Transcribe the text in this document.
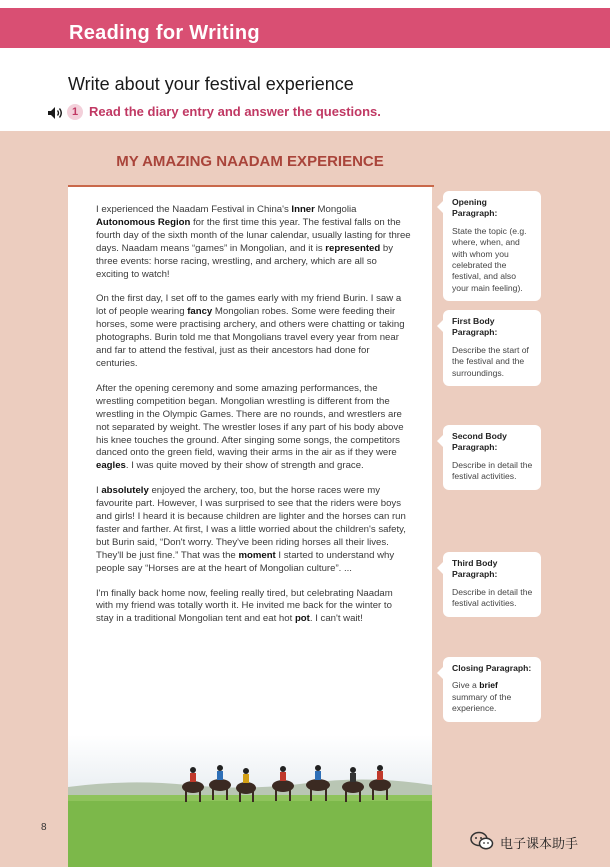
Reading for Writing
Write about your festival experience
1 Read the diary entry and answer the questions.
MY AMAZING NAADAM EXPERIENCE

I experienced the Naadam Festival in China's Inner Mongolia Autonomous Region for the first time this year. The festival falls on the fourth day of the sixth month of the lunar calendar, usually lasting for three days. Naadam means “games” in Mongolian, and it is represented by three events: horse racing, wrestling, and archery, which are all so exciting to watch!

On the first day, I set off to the games early with my friend Burin. I saw a lot of people wearing fancy Mongolian robes. Some were feeding their horses, some were practising archery, and others were chatting or taking photographs. Burin told me that Mongolians travel every year from near and far to attend the festival, just as their ancestors had done for centuries.

After the opening ceremony and some amazing performances, the wrestling competition began. Mongolian wrestling is different from the wrestling in the Olympic Games. There are no rounds, and wrestlers are not separated by weight. The wrestler loses if any part of his body above his knee touches the ground. After singing some songs, the competitors danced onto the green field, waving their arms in the air as if they were eagles. I was quite moved by their show of strength and grace.

I absolutely enjoyed the archery, too, but the horse races were my favourite part. However, I was surprised to see that the riders were boys and girls! I heard it is because children are lighter and the horses can run faster and farther. At first, I was a little worried about the children's safety, but Burin said, “Don't worry. They've been riding horses all their lives. They'll be just fine.” That was the moment I started to understand why people say “Horses are at the heart of Mongolian culture”. ...

I'm finally back home now, feeling really tired, but celebrating Naadam with my friend was totally worth it. He invited me back for the winter to stay in a traditional Mongolian tent and eat hot pot. I can't wait!

Opening Paragraph:
State the topic (e.g. where, when, and with whom you celebrated the festival, and also your main feeling).
First Body Paragraph:
Describe the start of the festival and the surroundings.
Second Body Paragraph:
Describe in detail the festival activities.
Third Body Paragraph:
Describe in detail the festival activities.
Closing Paragraph:
Give a brief summary of the experience.
8
电子课本助手
